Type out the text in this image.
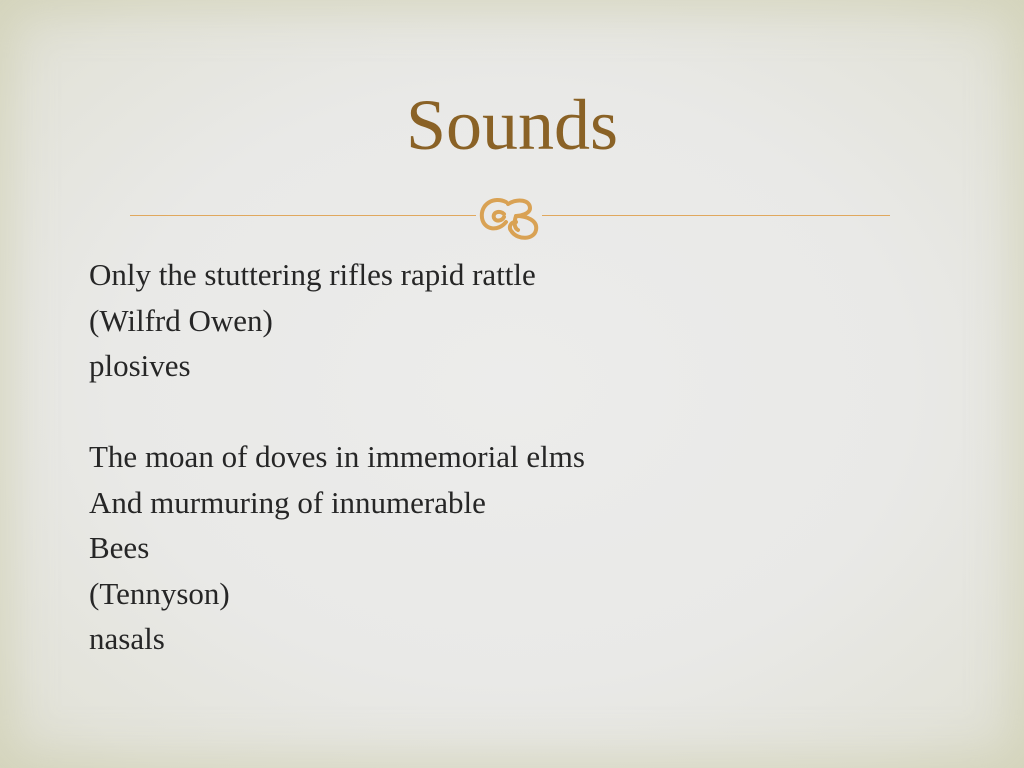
Sounds
Only the stuttering rifles rapid rattle
(Wilfrd Owen)
plosives
The moan of doves in immemorial elms
And murmuring of innumerable
Bees
(Tennyson)
nasals
